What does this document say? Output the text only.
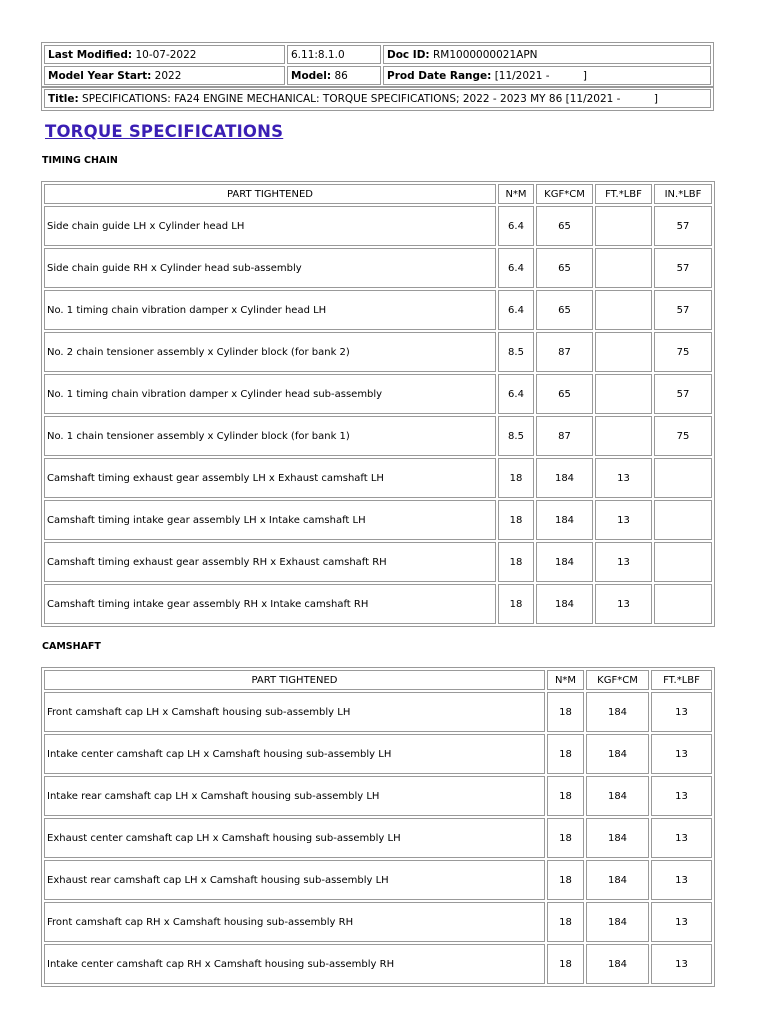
Last Modified: 10-07-2022	6.11:8.1.0	Doc ID: RM1000000021APN
Model Year Start: 2022	Model: 86	Prod Date Range: [11/2021 -          ]
Title: SPECIFICATIONS: FA24 ENGINE MECHANICAL: TORQUE SPECIFICATIONS; 2022 - 2023 MY 86 [11/2021 -          ]
TORQUE SPECIFICATIONS
TIMING CHAIN
PART TIGHTENED	N*M	KGF*CM	FT.*LBF	IN.*LBF
Side chain guide LH x Cylinder head LH	6.4	65		57
Side chain guide RH x Cylinder head sub-assembly	6.4	65		57
No. 1 timing chain vibration damper x Cylinder head LH	6.4	65		57
No. 2 chain tensioner assembly x Cylinder block (for bank 2)	8.5	87		75
No. 1 timing chain vibration damper x Cylinder head sub-assembly	6.4	65		57
No. 1 chain tensioner assembly x Cylinder block (for bank 1)	8.5	87		75
Camshaft timing exhaust gear assembly LH x Exhaust camshaft LH	18	184	13	
Camshaft timing intake gear assembly LH x Intake camshaft LH	18	184	13	
Camshaft timing exhaust gear assembly RH x Exhaust camshaft RH	18	184	13	
Camshaft timing intake gear assembly RH x Intake camshaft RH	18	184	13	
CAMSHAFT
PART TIGHTENED	N*M	KGF*CM	FT.*LBF
Front camshaft cap LH x Camshaft housing sub-assembly LH	18	184	13
Intake center camshaft cap LH x Camshaft housing sub-assembly LH	18	184	13
Intake rear camshaft cap LH x Camshaft housing sub-assembly LH	18	184	13
Exhaust center camshaft cap LH x Camshaft housing sub-assembly LH	18	184	13
Exhaust rear camshaft cap LH x Camshaft housing sub-assembly LH	18	184	13
Front camshaft cap RH x Camshaft housing sub-assembly RH	18	184	13
Intake center camshaft cap RH x Camshaft housing sub-assembly RH	18	184	13
